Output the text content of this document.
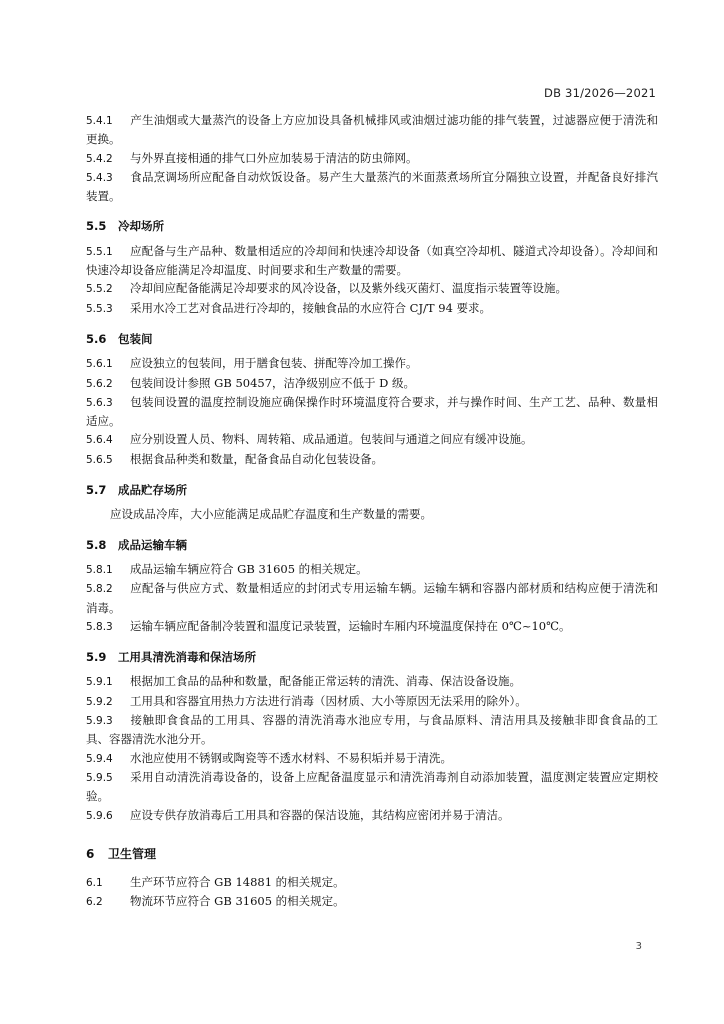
DB 31/2026—2021

5.4.1 产生油烟或大量蒸汽的设备上方应加设具备机械排风或油烟过滤功能的排气装置，过滤器应便于清洗和更换。

5.4.2 与外界直接相通的排气口外应加装易于清洁的防虫筛网。

5.4.3 食品烹调场所应配备自动炊饭设备。易产生大量蒸汽的米面蒸煮场所宜分隔独立设置，并配备良好排汽装置。

5.5 冷却场所

5.5.1 应配备与生产品种、数量相适应的冷却间和快速冷却设备（如真空冷却机、隧道式冷却设备）。冷却间和快速冷却设备应能满足冷却温度、时间要求和生产数量的需要。

5.5.2 冷却间应配备能满足冷却要求的风冷设备，以及紫外线灭菌灯、温度指示装置等设施。

5.5.3 采用水冷工艺对食品进行冷却的，接触食品的水应符合 CJ/T 94 要求。

5.6 包装间

5.6.1 应设独立的包装间，用于膳食包装、拼配等冷加工操作。

5.6.2 包装间设计参照 GB 50457，洁净级别应不低于 D 级。

5.6.3 包装间设置的温度控制设施应确保操作时环境温度符合要求，并与操作时间、生产工艺、品种、数量相适应。

5.6.4 应分别设置人员、物料、周转箱、成品通道。包装间与通道之间应有缓冲设施。

5.6.5 根据食品种类和数量，配备食品自动化包装设备。

5.7 成品贮存场所

应设成品冷库，大小应能满足成品贮存温度和生产数量的需要。

5.8 成品运输车辆

5.8.1 成品运输车辆应符合 GB 31605 的相关规定。

5.8.2 应配备与供应方式、数量相适应的封闭式专用运输车辆。运输车辆和容器内部材质和结构应便于清洗和消毒。

5.8.3 运输车辆应配备制冷装置和温度记录装置，运输时车厢内环境温度保持在 0℃~10℃。

5.9 工用具清洗消毒和保洁场所

5.9.1 根据加工食品的品种和数量，配备能正常运转的清洗、消毒、保洁设备设施。

5.9.2 工用具和容器宜用热力方法进行消毒（因材质、大小等原因无法采用的除外）。

5.9.3 接触即食食品的工用具、容器的清洗消毒水池应专用，与食品原料、清洁用具及接触非即食食品的工具、容器清洗水池分开。

5.9.4 水池应使用不锈钢或陶瓷等不透水材料、不易积垢并易于清洗。

5.9.5 采用自动清洗消毒设备的，设备上应配备温度显示和清洗消毒剂自动添加装置，温度测定装置应定期校验。

5.9.6 应设专供存放消毒后工用具和容器的保洁设施，其结构应密闭并易于清洁。

6 卫生管理

6.1 生产环节应符合 GB 14881 的相关规定。

6.2 物流环节应符合 GB 31605 的相关规定。

3
